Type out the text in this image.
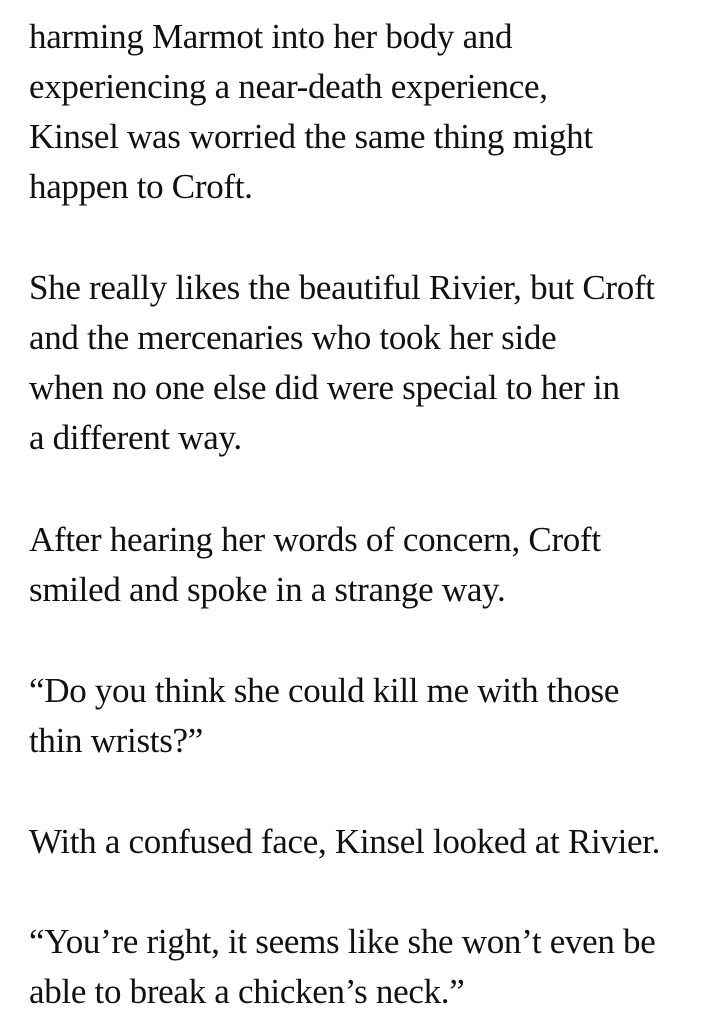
harming Marmot into her body and

experiencing a near-death experience,

Kinsel was worried the same thing might

happen to Croft.

She really likes the beautiful Rivier, but Croft

and the mercenaries who took her side

when no one else did were special to her in

a different way.

After hearing her words of concern, Croft

smiled and spoke in a strange way.

“Do you think she could kill me with those

thin wrists?”

With a confused face, Kinsel looked at Rivier.

“You’re right, it seems like she won’t even be

able to break a chicken’s neck.”
